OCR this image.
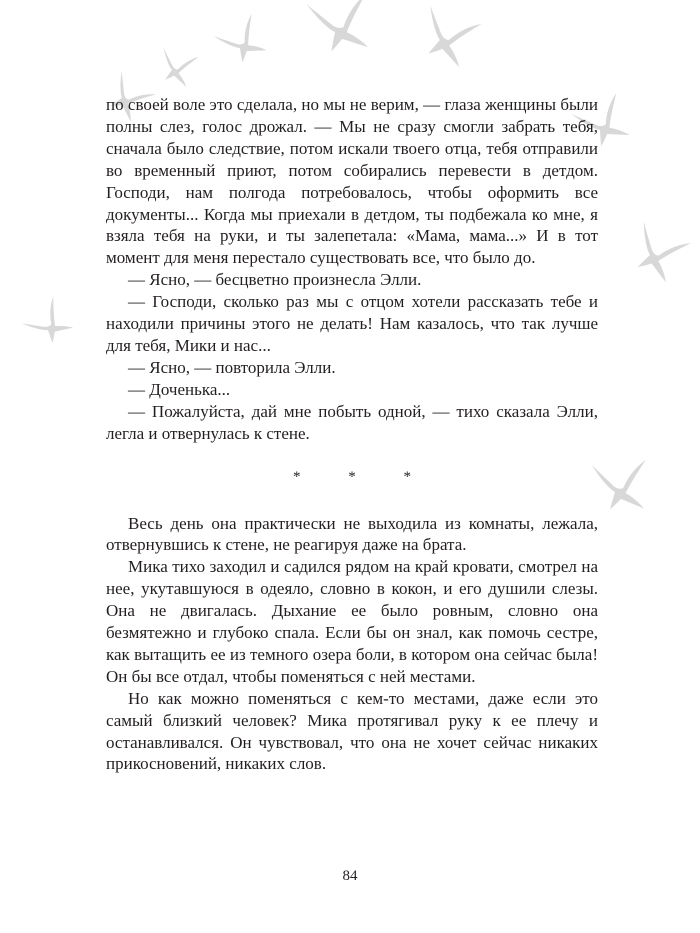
по своей воле это сделала, но мы не верим, — глаза женщины были полны слез, голос дрожал. — Мы не сразу смогли забрать тебя, сначала было следствие, потом искали твоего отца, тебя отправили во временный приют, потом собирались перевести в детдом. Господи, нам полгода потребовалось, чтобы оформить все документы... Когда мы приехали в детдом, ты подбежала ко мне, я взяла тебя на руки, и ты залепетала: «Мама, мама...» И в тот момент для меня перестало существовать все, что было до.

— Ясно, — бесцветно произнесла Элли.

— Господи, сколько раз мы с отцом хотели рассказать тебе и находили причины этого не делать! Нам казалось, что так лучше для тебя, Мики и нас...

— Ясно, — повторила Элли.

— Доченька...

— Пожалуйста, дай мне побыть одной, — тихо сказала Элли, легла и отвернулась к стене.

* * *

Весь день она практически не выходила из комнаты, лежала, отвернувшись к стене, не реагируя даже на брата.

Мика тихо заходил и садился рядом на край кровати, смотрел на нее, укутавшуюся в одеяло, словно в кокон, и его душили слезы. Она не двигалась. Дыхание ее было ровным, словно она безмятежно и глубоко спала. Если бы он знал, как помочь сестре, как вытащить ее из темного озера боли, в котором она сейчас была! Он бы все отдал, чтобы поменяться с ней местами.

Но как можно поменяться с кем-то местами, даже если это самый близкий человек? Мика протягивал руку к ее плечу и останавливался. Он чувствовал, что она не хочет сейчас никаких прикосновений, никаких слов.

84
